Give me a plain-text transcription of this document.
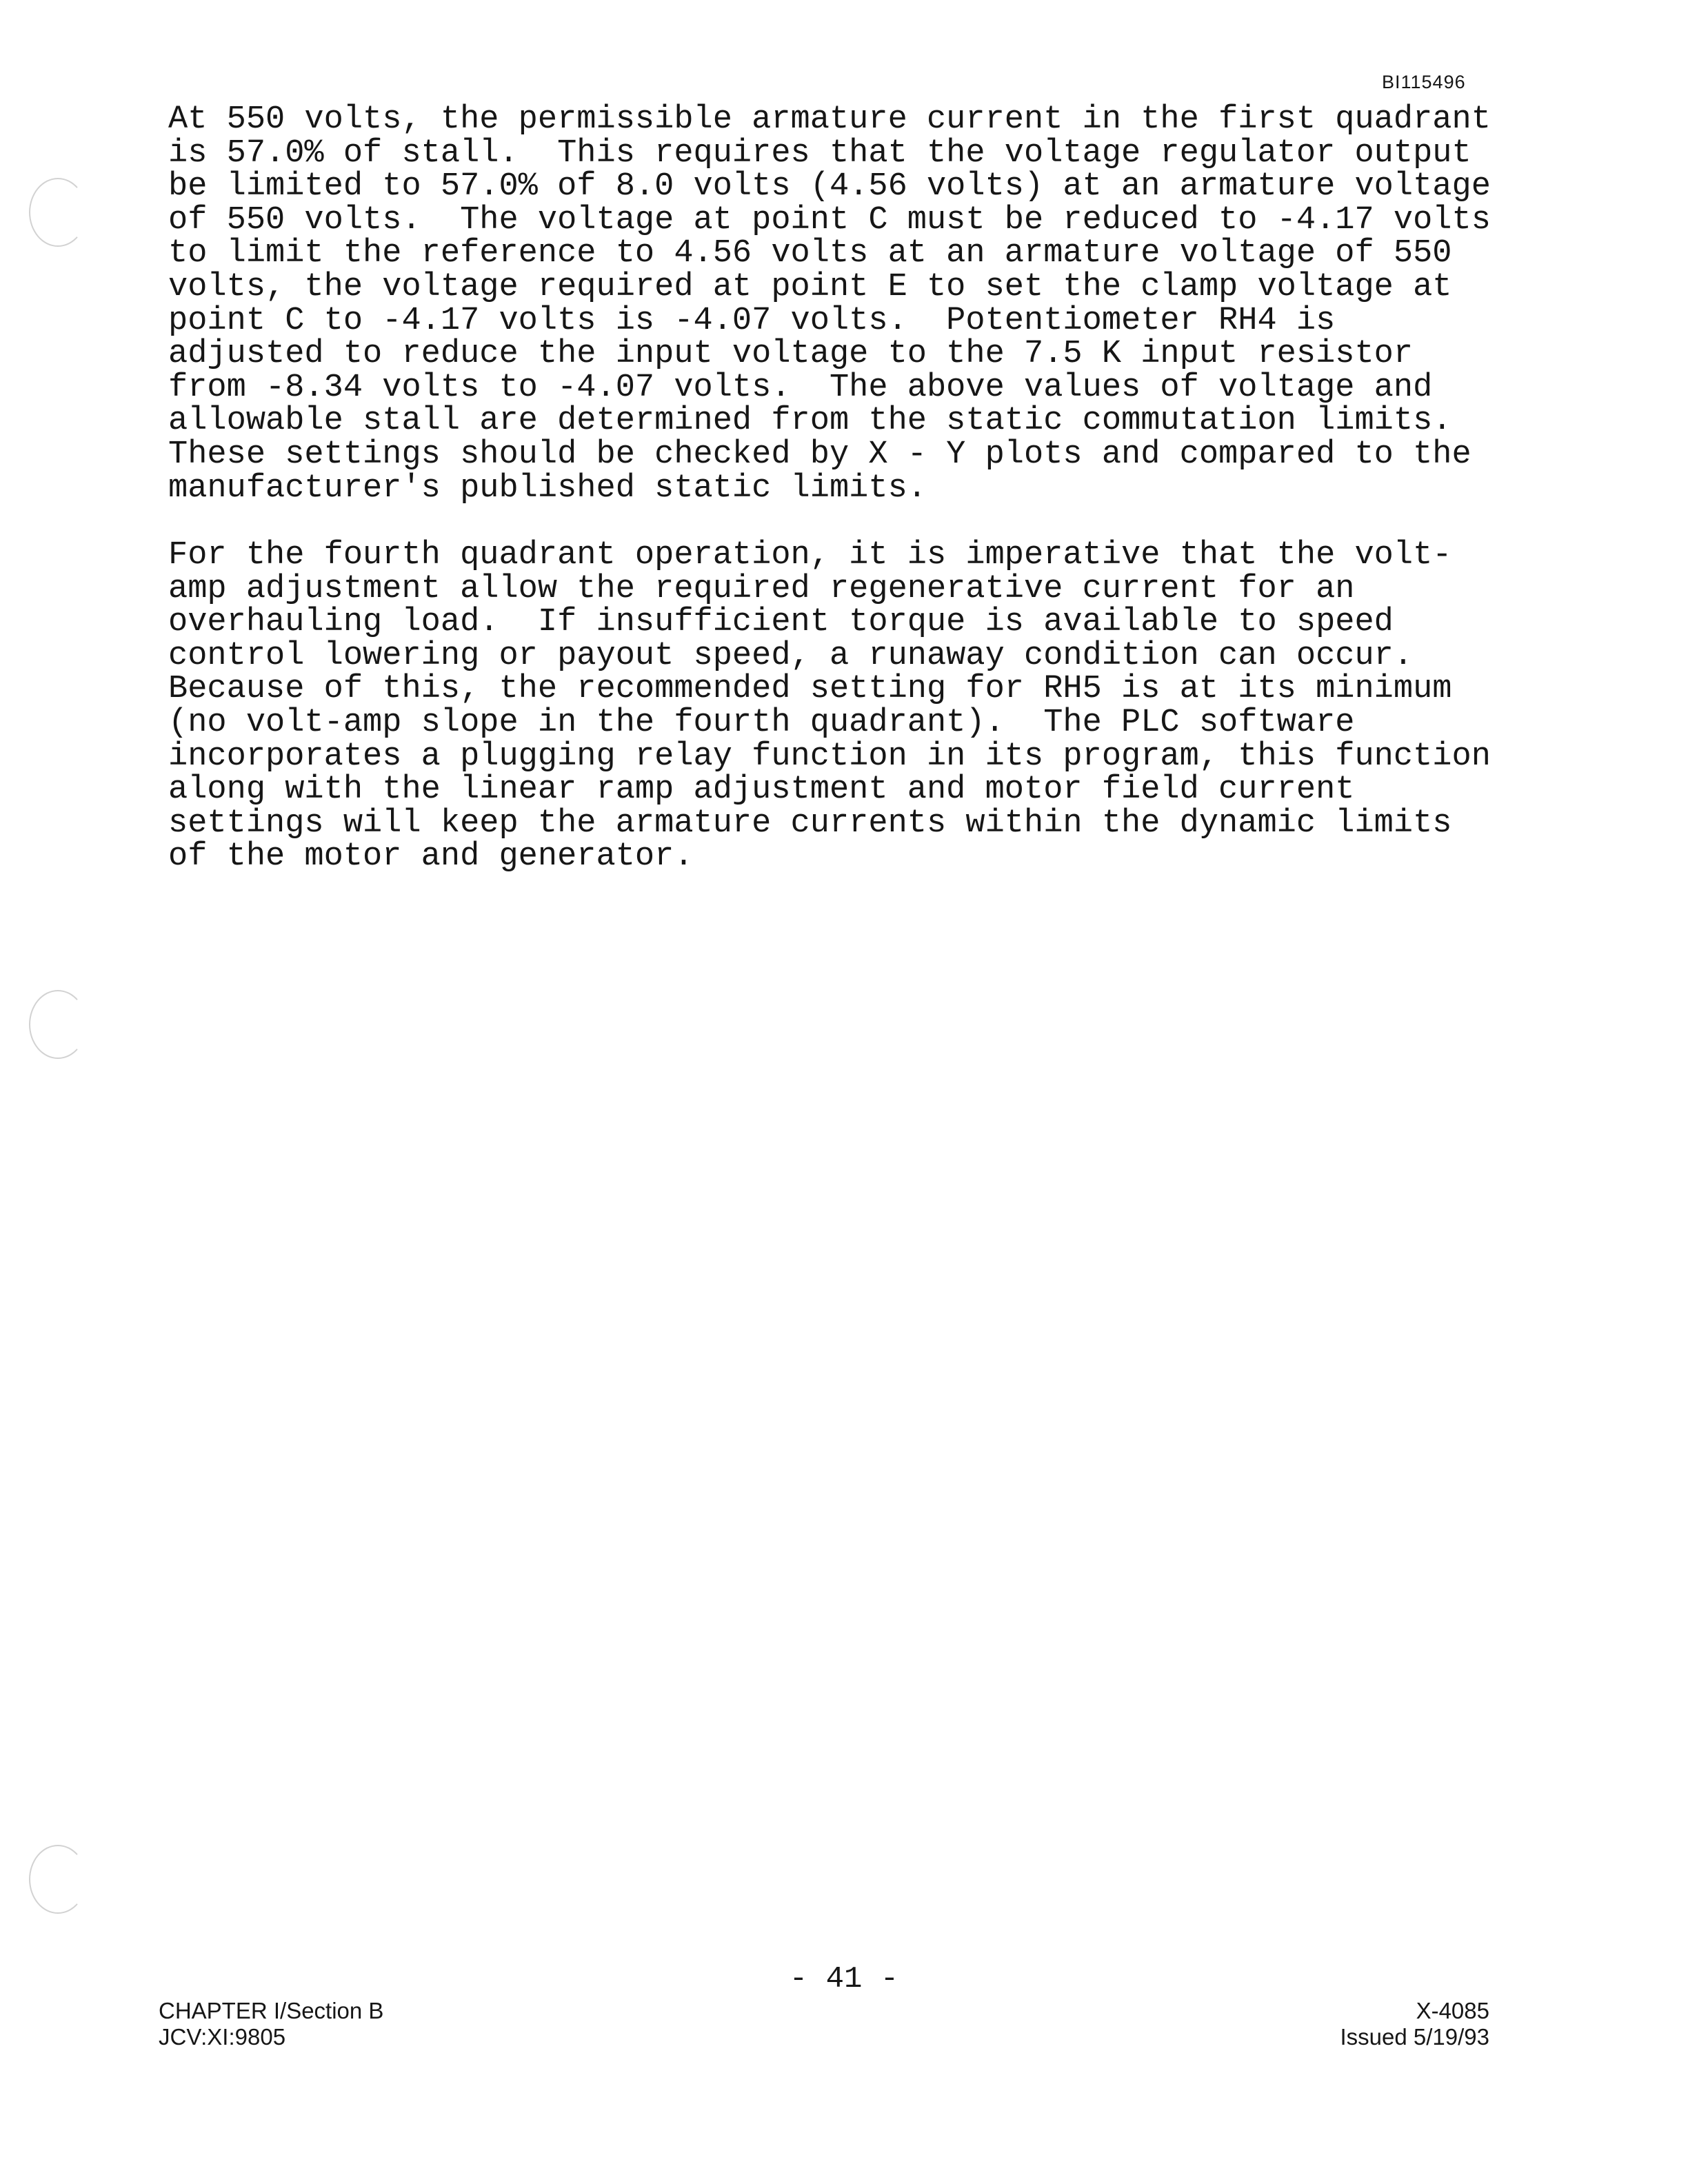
BI115496
At 550 volts, the permissible armature current in the first quadrant
is 57.0% of stall.  This requires that the voltage regulator output
be limited to 57.0% of 8.0 volts (4.56 volts) at an armature voltage
of 550 volts.  The voltage at point C must be reduced to -4.17 volts
to limit the reference to 4.56 volts at an armature voltage of 550
volts, the voltage required at point E to set the clamp voltage at
point C to -4.17 volts is -4.07 volts.  Potentiometer RH4 is
adjusted to reduce the input voltage to the 7.5 K input resistor
from -8.34 volts to -4.07 volts.  The above values of voltage and
allowable stall are determined from the static commutation limits.
These settings should be checked by X - Y plots and compared to the
manufacturer's published static limits.
For the fourth quadrant operation, it is imperative that the volt-
amp adjustment allow the required regenerative current for an
overhauling load.  If insufficient torque is available to speed
control lowering or payout speed, a runaway condition can occur.
Because of this, the recommended setting for RH5 is at its minimum
(no volt-amp slope in the fourth quadrant).  The PLC software
incorporates a plugging relay function in its program, this function
along with the linear ramp adjustment and motor field current
settings will keep the armature currents within the dynamic limits
of the motor and generator.
- 41 -
CHAPTER I/Section B
JCV:XI:9805
X-4085
Issued 5/19/93
